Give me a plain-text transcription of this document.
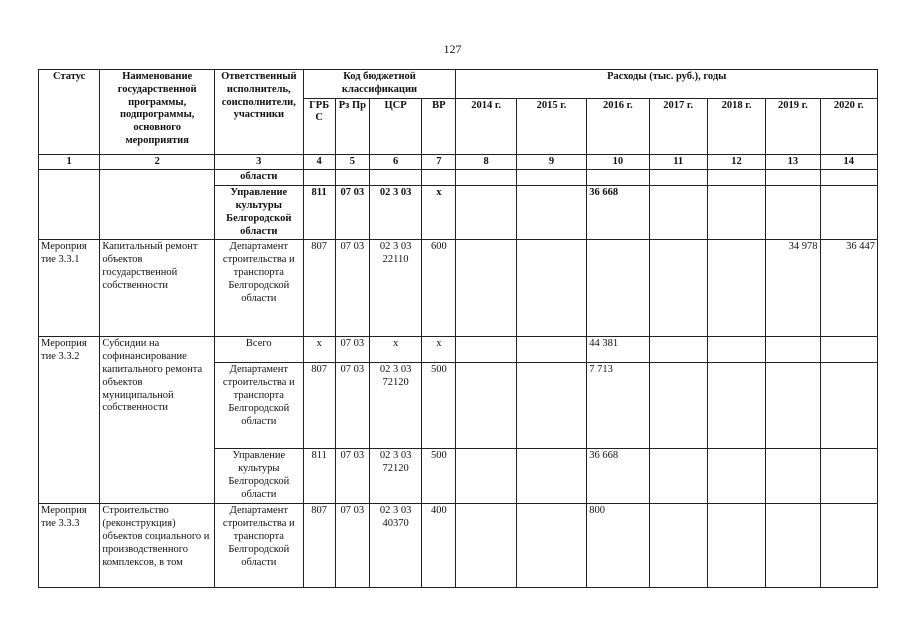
127
Статус	Наименование государственной программы, подпрограммы, основного мероприятия	Ответственный исполнитель, соисполнители, участники	Код бюджетной классификации				Расходы (тыс. руб.), годы						
			ГРБ С	Рз Пр	ЦСР	ВР	2014 г.	2015 г.	2016 г.	2017 г.	2018 г.	2019 г.	2020 г.
1	2	3	4	5	6	7	8	9	10	11	12	13	14
		области											
		Управление культуры Белгородской области	811	07 03	02 3 03	х			36 668				
Мероприя тие 3.3.1	Капитальный ремонт объектов государственной собственности	Департамент строительства и транспорта Белгородской области	807	07 03	02 3 03 22110	600						34 978	36 447
Мероприя тие 3.3.2	Субсидии на софинансирование капитального ремонта объектов муниципальной собственности	Всего	х	07 03	х	х			44 381				
		Департамент строительства и транспорта Белгородской области	807	07 03	02 3 03 72120	500			7 713				
		Управление культуры Белгородской области	811	07 03	02 3 03 72120	500			36 668				
Мероприя тие 3.3.3	Строительство (реконструкция) объектов социального и производственного комплексов, в том	Департамент строительства и транспорта Белгородской области	807	07 03	02 3 03 40370	400			800				
